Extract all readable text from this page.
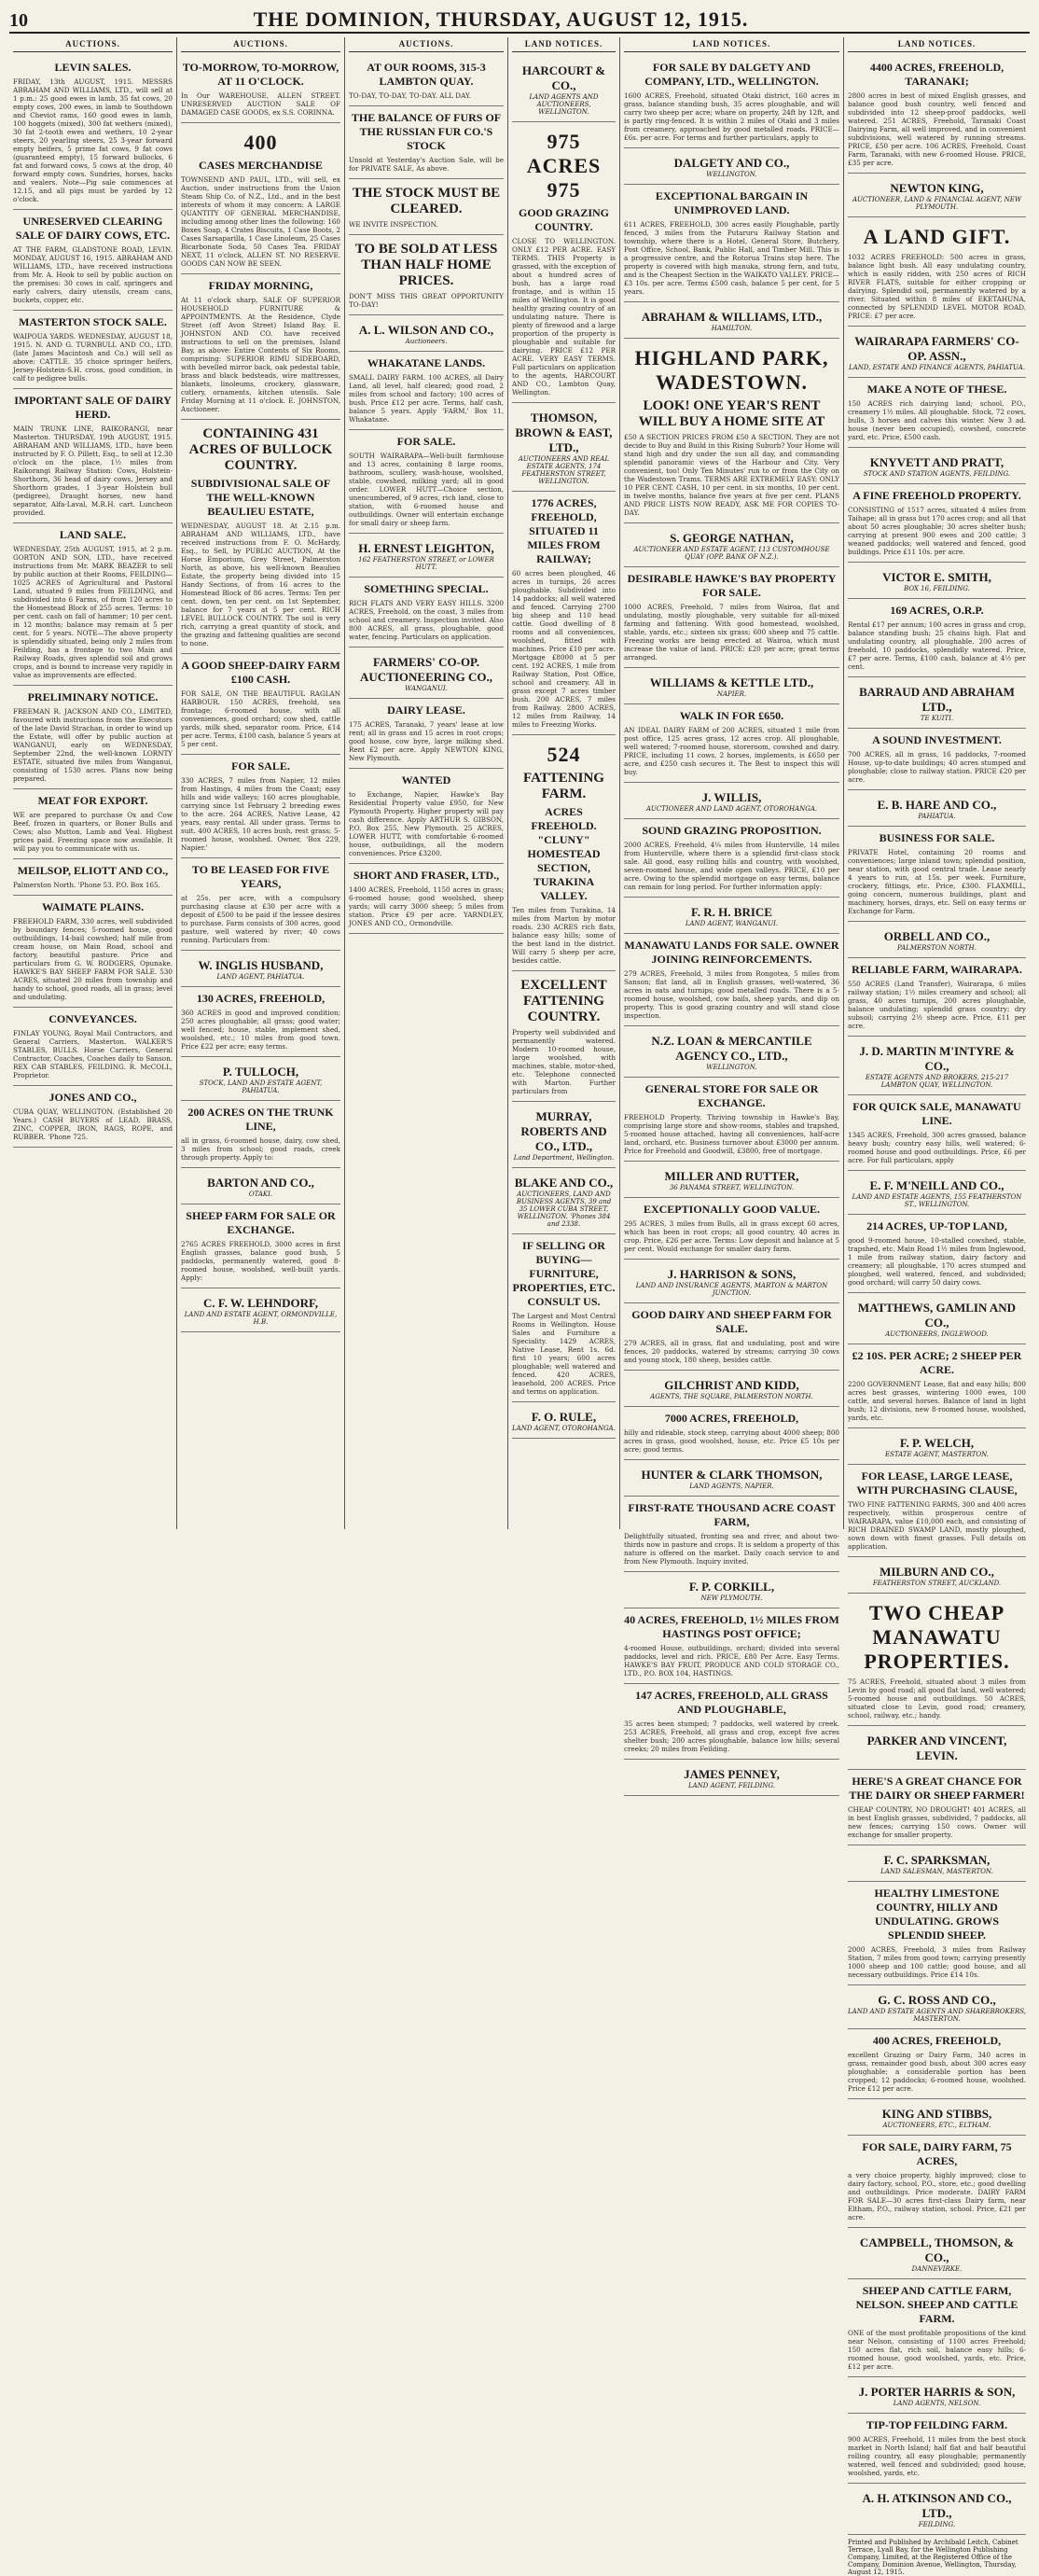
10	THE DOMINION, THURSDAY, AUGUST 12, 1915.
AUCTIONS.
LEVIN SALES.
FRIDAY, 13th AUGUST, 1915. MESSRS ABRAHAM AND WILLIAMS, LTD., will sell at 1 p.m.: 25 good ewes in lamb, 35 fat cows, 20 empty cows, 200 ewes, in lamb to Southdown and Cheviot rams, 160 good ewes in lamb, 100 hoggets (mixed), 300 fat wethers (mixed), 30 fat 2-tooth ewes and wethers, 10 2-year steers, 20 yearling steers, 25 3-year forward empty heifers, 5 prime fat cows, 9 fat cows (guaranteed empty), 15 forward bullocks, 6 fat and forward cows, 5 cows at the drop, 40 forward empty cows. Sundries, horses, hacks and vealers. Note—Pig sale commences at 12.15, and all pigs must be yarded by 12 o'clock.
UNRESERVED CLEARING SALE OF DAIRY COWS, ETC.
AT THE FARM, GLADSTONE ROAD, LEVIN. MONDAY, AUGUST 16, 1915. ABRAHAM AND WILLIAMS, LTD., have received instructions from Mr. A. Hook to sell by public auction on the premises: 30 cows in calf, springers and early calvers, dairy utensils, cream cans, buckets, copper, etc.
MASTERTON STOCK SALE.
WAIPOUA YARDS. WEDNESDAY, AUGUST 18, 1915. N. AND G. TURNBULL AND CO., LTD. (late James Macintosh and Co.) will sell as above: CATTLE. 35 choice springer heifers, Jersey-Holstein-S.H. cross, good condition, in calf to pedigree bulls.
IMPORTANT SALE OF DAIRY HERD.
MAIN TRUNK LINE, RAIKORANGI, near Masterton. THURSDAY, 19th AUGUST, 1915. ABRAHAM AND WILLIAMS, LTD., have been instructed by F. O. Pillett, Esq., to sell at 12.30 o'clock on the place, 1½ miles from Raikorangi Railway Station: Cows, Holstein-Shorthorn, 36 head of dairy cows, Jersey and Shorthorn grades, 1 3-year Holstein bull (pedigree), Draught horses, new hand separator, Alfa-Laval, M.R.H. cart. Luncheon provided.
LAND SALE.
WEDNESDAY, 25th AUGUST, 1915, at 2 p.m. GORTON AND SON, LTD., have received instructions from Mr. MARK BEAZER to sell by public auction at their Rooms, FEILDING—1025 ACRES of Agricultural and Pastoral Land, situated 9 miles from FEILDING, and subdivided into 6 Farms, of from 120 acres to the Homestead Block of 255 acres. Terms: 10 per cent. cash on fall of hammer; 10 per cent. in 12 months; balance may remain at 5 per cent. for 5 years. NOTE—The above property is splendidly situated, being only 2 miles from Feilding, has a frontage to two Main and Railway Roads, gives splendid soil and grows crops, and is bound to increase very rapidly in value as improvements are effected.
PRELIMINARY NOTICE.
FREEMAN R. JACKSON AND CO., LIMITED, favoured with instructions from the Executors of the late David Strachan, in order to wind up the Estate, will offer by public auction at WANGANUI, early on WEDNESDAY, September 22nd, the well-known LORNTY ESTATE, situated five miles from Wanganui, consisting of 1530 acres. Plans now being prepared.
MEAT FOR EXPORT.
WE are prepared to purchase Ox and Cow Beef, frozen in quarters, or Boner Bulls and Cows; also Mutton, Lamb and Veal. Highest prices paid. Freezing space now available. It will pay you to communicate with us.
MEILSOP, ELIOTT AND CO.,
Palmerston North. 'Phone 53. P.O. Box 165.
WAIMATE PLAINS.
FREEHOLD FARM, 330 acres, well subdivided by boundary fences; 5-roomed house, good outbuildings, 14-bail cowshed; half mile from cream house, on Main Road, school and factory, beautiful pasture. Price and particulars from G. W. RODGERS, Opunake. HAWKE'S BAY SHEEP FARM FOR SALE. 530 ACRES, situated 20 miles from township and handy to school, good roads, all in grass; level and undulating.
CONVEYANCES.
FINLAY YOUNG, Royal Mail Contractors, and General Carriers, Masterton. WALKER'S STABLES, BULLS. Horse Carriers, General Contractor, Coaches, Coaches daily to Sanson. REX CAB STABLES, FEILDING. R. McCOLL, Proprietor.
JONES AND CO.,
CUBA QUAY, WELLINGTON. (Established 20 Years.) CASH BUYERS of LEAD, BRASS, ZINC, COPPER, IRON, RAGS, ROPE, and RUBBER. 'Phone 725.
AUCTIONS.
TO-MORROW, TO-MORROW, AT 11 O'CLOCK.
In Our WAREHOUSE, ALLEN STREET. UNRESERVED AUCTION SALE OF DAMAGED CASE GOODS, ex S.S. CORINNA.
400
CASES MERCHANDISE
TOWNSEND AND PAUL, LTD., will sell, ex Auction, under instructions from the Union Steam Ship Co. of N.Z., Ltd., and in the best interests of whom it may concern: A LARGE QUANTITY OF GENERAL MERCHANDISE, including among other lines the following: 160 Boxes Soap, 4 Crates Biscuits, 1 Case Boots, 2 Cases Sarsaparilla, 1 Case Linoleum, 25 Cases Bicarbonate Soda, 50 Cases Tea. FRIDAY NEXT, 11 o'clock, ALLEN ST. NO RESERVE. GOODS CAN NOW BE SEEN.
FRIDAY MORNING,
At 11 o'clock sharp, SALE OF SUPERIOR HOUSEHOLD FURNITURE & APPOINTMENTS. At the Residence, Clyde Street (off Avon Street) Island Bay. E. JOHNSTON AND CO. have received instructions to sell on the premises, Island Bay, as above: Entire Contents of Six Rooms, comprising: SUPERIOR RIMU SIDEBOARD, with bevelled mirror back, oak pedestal table, brass and black bedsteads, wire mattresses, blankets, linoleums, crockery, glassware, cutlery, ornaments, kitchen utensils. Sale Friday Morning at 11 o'clock. E. JOHNSTON, Auctioneer.
CONTAINING 431 ACRES OF BULLOCK COUNTRY.
SUBDIVISIONAL SALE OF THE WELL-KNOWN BEAULIEU ESTATE,
WEDNESDAY, AUGUST 18. At 2.15 p.m. ABRAHAM AND WILLIAMS, LTD., have received instructions from F. O. McHardy, Esq., to Sell, by PUBLIC AUCTION, At the Horse Emporium, Grey Street, Palmerston North, as above, his well-known Beaulieu Estate, the property being divided into 15 Handy Sections, of from 16 acres to the Homestead Block of 86 acres. Terms: Ten per cent. down, ten per cent. on 1st September, balance for 7 years at 5 per cent. RICH LEVEL BULLOCK COUNTRY. The soil is very rich, carrying a great quantity of stock, and the grazing and fattening qualities are second to none.
A GOOD SHEEP-DAIRY FARM £100 CASH.
FOR SALE, ON THE BEAUTIFUL RAGLAN HARBOUR. 150 ACRES, freehold, sea frontage; 6-roomed house, with all conveniences, good orchard; cow shed, cattle yards, milk shed, separator room. Price, £14 per acre. Terms, £100 cash, balance 5 years at 5 per cent.
FOR SALE.
330 ACRES, 7 miles from Napier, 12 miles from Hastings, 4 miles from the Coast; easy hills and wide valleys; 160 acres ploughable, carrying since 1st February 2 breeding ewes to the acre. 264 ACRES, Native Lease, 42 years, easy rental. All under grass. Terms to suit. 400 ACRES, 10 acres bush, rest grass; 5-roomed house, woolshed. Owner, 'Box 229, Napier.'
TO BE LEASED FOR FIVE YEARS,
at 25s. per acre, with a compulsory purchasing clause at £30 per acre with a deposit of £500 to be paid if the lessee desires to purchase. Farm consists of 300 acres, good pasture, well watered by river; 40 cows running. Particulars from:
W. INGLIS HUSBAND,
LAND AGENT, PAHIATUA.
130 ACRES, FREEHOLD,
360 ACRES in good and improved condition; 250 acres ploughable; all grass; good water; well fenced; house, stable, implement shed, woolshed, etc.; 10 miles from good town. Price £22 per acre; easy terms.
P. TULLOCH,
STOCK, LAND AND ESTATE AGENT, PAHIATUA.
200 ACRES ON THE TRUNK LINE,
all in grass, 6-roomed house, dairy, cow shed, 3 miles from school; good roads, creek through property. Apply to:
BARTON AND CO.,
OTAKI.
SHEEP FARM FOR SALE OR EXCHANGE.
2765 ACRES FREEHOLD, 3000 acres in first English grasses, balance good bush, 5 paddocks, permanently watered, good 8-roomed house, woolshed, well-built yards. Apply:
C. F. W. LEHNDORF,
LAND AND ESTATE AGENT, ORMONDVILLE, H.B.
AUCTIONS.
AT OUR ROOMS, 315-3 LAMBTON QUAY.
TO-DAY, TO-DAY, TO-DAY. ALL DAY.
THE BALANCE OF FURS OF THE RUSSIAN FUR CO.'S STOCK
Unsold at Yesterday's Auction Sale, will be for PRIVATE SALE, As above.
THE STOCK MUST BE CLEARED.
WE INVITE INSPECTION.
TO BE SOLD AT LESS THAN HALF HOME PRICES.
DON'T MISS THIS GREAT OPPORTUNITY TO-DAY!
A. L. WILSON AND CO.,
Auctioneers.
WHAKATANE LANDS.
SMALL DAIRY FARM. 100 ACRES, all Dairy Land, all level, half cleared; good road, 2 miles from school and factory; 100 acres of bush. Price £12 per acre. Terms, half cash, balance 5 years. Apply 'FARM,' Box 11, Whakatane.
FOR SALE.
SOUTH WAIRARAPA—Well-built farmhouse and 13 acres, containing 8 large rooms, bathroom, scullery, wash-house, woolshed, stable, cowshed, milking yard; all in good order. LOWER HUTT—Choice section, unencumbered, of 9 acres, rich land, close to station, with 6-roomed house and outbuildings. Owner will entertain exchange for small dairy or sheep farm.
H. ERNEST LEIGHTON,
162 FEATHERSTON STREET, or LOWER HUTT.
SOMETHING SPECIAL.
RICH FLATS AND VERY EASY HILLS. 3200 ACRES, Freehold, on the coast, 3 miles from school and creamery. Inspection invited. Also 800 ACRES, all grass, ploughable, good water, fencing. Particulars on application.
FARMERS' CO-OP. AUCTIONEERING CO.,
WANGANUI.
DAIRY LEASE.
175 ACRES, Taranaki, 7 years' lease at low rent; all in grass and 15 acres in root crops; good house, cow byre, large milking shed. Rent £2 per acre. Apply NEWTON KING, New Plymouth.
WANTED
to Exchange, Napier, Hawke's Bay Residential Property value £950, for New Plymouth Property. Higher property will pay cash difference. Apply ARTHUR S. GIBSON, P.O. Box 255, New Plymouth. 25 ACRES, LOWER HUTT, with comfortable 6-roomed house, outbuildings, all the modern conveniences. Price £3200.
SHORT AND FRASER, LTD.,
1400 ACRES, Freehold, 1150 acres in grass; 6-roomed house; good woolshed, sheep yards; will carry 3000 sheep; 5 miles from station. Price £9 per acre. YARNDLEY, JONES AND CO., Ormondville.
LAND NOTICES.
HARCOURT & CO.,
LAND AGENTS AND AUCTIONEERS, WELLINGTON.
975 ACRES 975
GOOD GRAZING COUNTRY.
CLOSE TO WELLINGTON. ONLY £12 PER ACRE. EASY TERMS. THIS Property is grassed, with the exception of about a hundred acres of bush, has a large road frontage, and is within 15 miles of Wellington. It is good healthy grazing country of an undulating nature. There is plenty of firewood and a large proportion of the property is ploughable and suitable for dairying. PRICE £12 PER ACRE. VERY EASY TERMS. Full particulars on application to the agents, HARCOURT AND CO., Lambton Quay, Wellington.
THOMSON, BROWN & EAST, LTD.,
AUCTIONEERS AND REAL ESTATE AGENTS, 174 FEATHERSTON STREET, WELLINGTON.
1776 ACRES, FREEHOLD, SITUATED 11 MILES FROM RAILWAY;
60 acres been ploughed, 46 acres in turnips, 26 acres ploughable. Subdivided into 14 paddocks; all well watered and fenced. Carrying 2700 big sheep and 110 head cattle. Good dwelling of 8 rooms and all conveniences, woolshed, fitted with machines. Price £10 per acre. Mortgage £8000 at 5 per cent. 192 ACRES, 1 mile from Railway Station, Post Office, school and creamery. All in grass except 7 acres timber bush. 200 ACRES, 7 miles from Railway. 2800 ACRES, 12 miles from Railway, 14 miles to Freezing Works.
524
FATTENING FARM.
ACRES FREEHOLD. "CLUNY" HOMESTEAD SECTION, TURAKINA VALLEY.
Ten miles from Turakina, 14 miles from Marton by motor roads. 230 ACRES rich flats, balance easy hills; some of the best land in the district. Will carry 5 sheep per acre, besides cattle.
EXCELLENT FATTENING COUNTRY.
Property well subdivided and permanently watered. Modern 10-roomed house, large woolshed, with machines, stable, motor-shed, etc. Telephone connected with Marton. Further particulars from
MURRAY, ROBERTS AND CO., LTD.,
Land Department, Wellington.
BLAKE AND CO.,
AUCTIONEERS, LAND AND BUSINESS AGENTS, 39 and 35 LOWER CUBA STREET, WELLINGTON. 'Phones 384 and 2338.
IF SELLING OR BUYING—FURNITURE, PROPERTIES, ETC. CONSULT US.
The Largest and Most Central Rooms in Wellington. House Sales and Furniture a Speciality. 1429 ACRES, Native Lease, Rent 1s. 6d. first 10 years; 600 acres ploughable; well watered and fenced. 420 ACRES, leasehold, 200 ACRES. Price and terms on application.
F. O. RULE,
LAND AGENT, OTOROHANGA.
LAND NOTICES.
FOR SALE BY DALGETY AND COMPANY, LTD., WELLINGTON.
1600 ACRES, Freehold, situated Otaki district, 160 acres in grass, balance standing bush, 35 acres ploughable, and will carry two sheep per acre; whare on property, 24ft by 12ft, and is partly ring-fenced. It is within 2 miles of Otaki and 3 miles from creamery, approached by good metalled roads. PRICE—£6s. per acre. For terms and further particulars, apply to
DALGETY AND CO.,
WELLINGTON.
EXCEPTIONAL BARGAIN IN UNIMPROVED LAND.
611 ACRES, FREEHOLD, 300 acres easily Ploughable, partly fenced, 3 miles from the Putaruru Railway Station and township, where there is a Hotel, General Store, Butchery, Post Office, School, Bank, Public Hall, and Timber Mill. This is a progressive centre, and the Rotorua Trains stop here. The property is covered with high manuka, strong fern, and tutu, and is the Cheapest Section in the WAIKATO VALLEY. PRICE—£3 10s. per acre. Terms £500 cash, balance 5 per cent. for 5 years.
ABRAHAM & WILLIAMS, LTD.,
HAMILTON.
HIGHLAND PARK, WADESTOWN.
LOOK! ONE YEAR'S RENT WILL BUY A HOME SITE AT
£50 A SECTION PRICES FROM £50 A SECTION. They are not decide to Buy and Build in this Rising Suburb? Your Home will stand high and dry under the sun all day, and commanding splendid panoramic views of the Harbour and City. Very convenient, too! Only Ten Minutes' run to or from the City on the Wadestown Trams. TERMS ARE EXTREMELY EASY: ONLY 10 PER CENT. CASH, 10 per cent. in six months, 10 per cent. in twelve months, balance five years at five per cent. PLANS AND PRICE LISTS NOW READY, ASK ME FOR COPIES TO-DAY.
S. GEORGE NATHAN,
AUCTIONEER AND ESTATE AGENT, 113 CUSTOMHOUSE QUAY (OPP. BANK OF N.Z.).
DESIRABLE HAWKE'S BAY PROPERTY FOR SALE.
1000 ACRES, Freehold, 7 miles from Wairoa, flat and undulating, mostly ploughable, very suitable for all-mixed farming and fattening. With good homestead, woolshed, stable, yards, etc.; sixteen six grass; 600 sheep and 75 cattle. Freezing works are being erected at Wairoa, which must increase the value of land. PRICE: £20 per acre; great terms arranged.
WILLIAMS & KETTLE LTD.,
NAPIER.
WALK IN FOR £650.
AN IDEAL DAIRY FARM of 200 ACRES, situated 1 mile from post office, 125 acres grass, 12 acres crop. All ploughable, well watered; 7-roomed house, storeroom, cowshed and dairy. PRICE, including 11 cows, 2 horses, implements, is £650 per acre, and £250 cash secures it. The Best to inspect this will buy.
J. WILLIS,
AUCTIONEER AND LAND AGENT, OTOROHANGA.
SOUND GRAZING PROPOSITION.
2000 ACRES, Freehold, 4¼ miles from Hunterville, 14 miles from Hunterville, where there is a splendid first-class stock sale. All good, easy rolling hills and country, with woolshed, seven-roomed house, and wide open valleys. PRICE, £10 per acre. Owing to the splendid mortgage on easy terms, balance can remain for long period. For further information apply:
F. R. H. BRICE
LAND AGENT, WANGANUI.
MANAWATU LANDS FOR SALE. OWNER JOINING REINFORCEMENTS.
279 ACRES, Freehold, 3 miles from Rongotea, 5 miles from Sanson; flat land, all in English grasses, well-watered, 36 acres in oats and turnips; good metalled roads. There is a 5-roomed house, woolshed, cow bails, sheep yards, and dip on property. This is good grazing country and will stand close inspection.
N.Z. LOAN & MERCANTILE AGENCY CO., LTD.,
WELLINGTON.
GENERAL STORE FOR SALE OR EXCHANGE.
FREEHOLD Property, Thriving township in Hawke's Bay, comprising large store and show-rooms, stables and trapshed, 5-roomed house attached, having all conveniences, half-acre land, orchard, etc. Business turnover about £3000 per annum. Price for Freehold and Goodwill, £3800, free of mortgage.
MILLER AND RUTTER,
36 PANAMA STREET, WELLINGTON.
EXCEPTIONALLY GOOD VALUE.
295 ACRES, 3 miles from Bulls, all in grass except 60 acres, which has been in root crops; all good country, 40 acres in crop. Price, £26 per acre. Terms: Low deposit and balance at 5 per cent. Would exchange for smaller dairy farm.
J. HARRISON & SONS,
LAND AND INSURANCE AGENTS, MARTON & MARTON JUNCTION.
GOOD DAIRY AND SHEEP FARM FOR SALE.
279 ACRES, all in grass, flat and undulating, post and wire fences, 20 paddocks, watered by streams; carrying 30 cows and young stock, 180 sheep, besides cattle.
GILCHRIST AND KIDD,
AGENTS, THE SQUARE, PALMERSTON NORTH.
7000 ACRES, FREEHOLD,
hilly and rideable, stock steep, carrying about 4000 sheep; 800 acres in grass, good woolshed, house, etc. Price £5 10s per acre; good terms.
HUNTER & CLARK THOMSON,
LAND AGENTS, NAPIER.
FIRST-RATE THOUSAND ACRE COAST FARM,
Delightfully situated, fronting sea and river, and about two-thirds now in pasture and crops. It is seldom a property of this nature is offered on the market. Daily coach service to and from New Plymouth. Inquiry invited.
F. P. CORKILL,
NEW PLYMOUTH.
40 ACRES, FREEHOLD, 1½ MILES FROM HASTINGS POST OFFICE;
4-roomed House, outbuildings, orchard; divided into several paddocks, level and rich. PRICE, £80 Per Acre. Easy Terms. HAWKE'S BAY FRUIT, PRODUCE AND COLD STORAGE CO., LTD., P.O. BOX 104, HASTINGS.
147 ACRES, FREEHOLD, ALL GRASS AND PLOUGHABLE,
35 acres been stumped; 7 paddocks, well watered by creek. 253 ACRES, Freehold, all grass and crop, except five acres shelter bush; 200 acres ploughable, balance low hills; several creeks; 20 miles from Feilding.
JAMES PENNEY,
LAND AGENT, FEILDING.
LAND NOTICES.
4400 ACRES, FREEHOLD, TARANAKI;
2800 acres in best of mixed English grasses, and balance good bush country, well fenced and subdivided into 12 sheep-proof paddocks, well watered. 251 ACRES, Freehold, Taranaki Coast Dairying Farm, all well improved, and in convenient subdivisions, well watered by running streams. PRICE, £50 per acre. 106 ACRES, Freehold, Coast Farm, Taranaki, with new 6-roomed House. PRICE, £35 per acre.
NEWTON KING,
AUCTIONEER, LAND & FINANCIAL AGENT, NEW PLYMOUTH.
A LAND GIFT.
1032 ACRES FREEHOLD: 500 acres in grass, balance light bush. All easy undulating country, which is easily ridden, with 250 acres of RICH RIVER FLATS, suitable for either cropping or dairying. Splendid soil, permanently watered by a river. Situated within 8 miles of EKETAHUNA, connected by SPLENDID LEVEL MOTOR ROAD. PRICE: £7 per acre.
WAIRARAPA FARMERS' CO-OP. ASSN.,
LAND, ESTATE AND FINANCE AGENTS, PAHIATUA.
MAKE A NOTE OF THESE.
150 ACRES rich dairying land; school, P.O., creamery 1½ miles. All ploughable. Stock, 72 cows, bulls, 3 horses and calves this winter. New 3 ad. house (never been occupied), cowshed, concrete yard, etc. Price, £500 cash.
KNYVETT AND PRATT,
STOCK AND STATION AGENTS, FEILDING.
A FINE FREEHOLD PROPERTY.
CONSISTING of 1517 acres, situated 4 miles from Taihape; all in grass but 170 acres crop; and all that about 50 acres ploughable; 30 acres shelter bush; carrying at present 900 ewes and 200 cattle; 3 weaned paddocks; well watered and fenced, good buildings. Price £11 10s. per acre.
VICTOR E. SMITH,
BOX 16, FEILDING.
169 ACRES, O.R.P.
Rental £17 per annum; 100 acres in grass and crop, balance standing bush; 25 chains high. Flat and undulating country, all ploughable. 200 acres of freehold, 10 paddocks, splendidly watered. Price, £7 per acre. Terms, £100 cash, balance at 4½ per cent.
BARRAUD AND ABRAHAM LTD.,
TE KUITI.
A SOUND INVESTMENT.
700 ACRES, all in grass, 16 paddocks, 7-roomed House, up-to-date buildings; 40 acres stumped and ploughable; close to railway station. PRICE £20 per acre.
E. B. HARE AND CO.,
PAHIATUA.
BUSINESS FOR SALE.
PRIVATE Hotel, containing 20 rooms and conveniences; large inland town; splendid position, near station, with good central trade. Lease nearly 4 years to run, at 15s. per week. Furniture, crockery, fittings, etc. Price, £300. FLAXMILL, going concern, numerous buildings, plant and machinery, horses, drays, etc. Sell on easy terms or Exchange for Farm.
ORBELL AND CO.,
PALMERSTON NORTH.
RELIABLE FARM, WAIRARAPA.
550 ACRES (Land Transfer), Wairarapa, 6 miles railway station; 1½ miles creamery and school; all grass, 40 acres turnips, 200 acres ploughable, balance undulating; splendid grass country; dry subsoil; carrying 2½ sheep acre. Price, £11 per acre.
J. D. MARTIN M'INTYRE & CO.,
ESTATE AGENTS AND BROKERS, 215-217 LAMBTON QUAY, WELLINGTON.
FOR QUICK SALE, MANAWATU LINE.
1345 ACRES, Freehold, 300 acres grassed, balance heavy bush; country easy hills, well watered; 6-roomed house and good outbuildings. Price, £6 per acre. For full particulars, apply
E. F. M'NEILL AND CO.,
LAND AND ESTATE AGENTS, 155 FEATHERSTON ST., WELLINGTON.
214 ACRES, UP-TOP LAND,
good 9-roomed house, 10-stalled cowshed, stable, trapshed, etc. Main Road 1½ miles from Inglewood, 1 mile from railway station, dairy factory and creamery; all ploughable, 170 acres stumped and ploughed, well watered, fenced, and subdivided; good orchard; will carry 50 dairy cows.
MATTHEWS, GAMLIN AND CO.,
AUCTIONEERS, INGLEWOOD.
£2 10S. PER ACRE; 2 SHEEP PER ACRE.
2200 GOVERNMENT Lease, flat and easy hills; 800 acres best grasses, wintering 1000 ewes, 100 cattle, and several horses. Balance of land in light bush; 12 divisions, new 8-roomed house, woolshed, yards, etc.
F. P. WELCH,
ESTATE AGENT, MASTERTON.
FOR LEASE, LARGE LEASE, WITH PURCHASING CLAUSE,
TWO FINE FATTENING FARMS, 300 and 400 acres respectively, within prosperous centre of WAIRARAPA, value £10,000 each, and consisting of RICH DRAINED SWAMP LAND, mostly ploughed, sown down with finest grasses. Full details on application.
MILBURN AND CO.,
FEATHERSTON STREET, AUCKLAND.
TWO CHEAP MANAWATU PROPERTIES.
75 ACRES, Freehold, situated about 3 miles from Levin by good road; all good flat land, well watered; 5-roomed house and outbuildings. 50 ACRES, situated close to Levin, good road; creamery, school, railway, etc.; handy.
PARKER AND VINCENT, LEVIN.
HERE'S A GREAT CHANCE FOR THE DAIRY OR SHEEP FARMER!
CHEAP COUNTRY, NO DROUGHT! 401 ACRES, all in best English grasses, subdivided, 7 paddocks, all new fences; carrying 150 cows. Owner will exchange for smaller property.
F. C. SPARKSMAN,
LAND SALESMAN, MASTERTON.
HEALTHY LIMESTONE COUNTRY, HILLY AND UNDULATING. GROWS SPLENDID SHEEP.
2000 ACRES, Freehold, 3 miles from Railway Station, 7 miles from good town; carrying presently 1000 sheep and 100 cattle; good house, and all necessary outbuildings. Price £14 10s.
G. C. ROSS AND CO.,
LAND AND ESTATE AGENTS AND SHAREBROKERS, MASTERTON.
400 ACRES, FREEHOLD,
excellent Grazing or Dairy Farm, 340 acres in grass, remainder good bush, about 300 acres easy ploughable; a considerable portion has been cropped; 12 paddocks; 6-roomed house, woolshed. Price £12 per acre.
KING AND STIBBS,
AUCTIONEERS, ETC., ELTHAM.
FOR SALE, DAIRY FARM, 75 ACRES,
a very choice property, highly improved; close to dairy factory, school, P.O., store, etc.; good dwelling and outbuildings. Price moderate. DAIRY FARM FOR SALE—30 acres first-class Dairy farm, near Eltham, P.O., railway station, school. Price, £21 per acre.
CAMPBELL, THOMSON, & CO.,
DANNEVIRKE.
SHEEP AND CATTLE FARM, NELSON. SHEEP AND CATTLE FARM.
ONE of the most profitable propositions of the kind near Nelson, consisting of 1100 acres Freehold; 150 acres flat, rich soil, balance easy hills; 6-roomed house, good woolshed, yards, etc. Price, £12 per acre.
J. PORTER HARRIS & SON,
LAND AGENTS, NELSON.
TIP-TOP FEILDING FARM.
900 ACRES, Freehold, 11 miles from the best stock market in North Island; half flat and half beautiful rolling country, all easy ploughable; permanently watered, well fenced and subdivided; good house, woolshed, yards, etc.
A. H. ATKINSON AND CO., LTD.,
FEILDING.
Printed and Published by Archibald Leitch, Cabinet Terrace, Lyall Bay, for the Wellington Publishing Company, Limited, at the Registered Office of the Company, Dominion Avenue, Wellington, Thursday, August 12, 1915.
